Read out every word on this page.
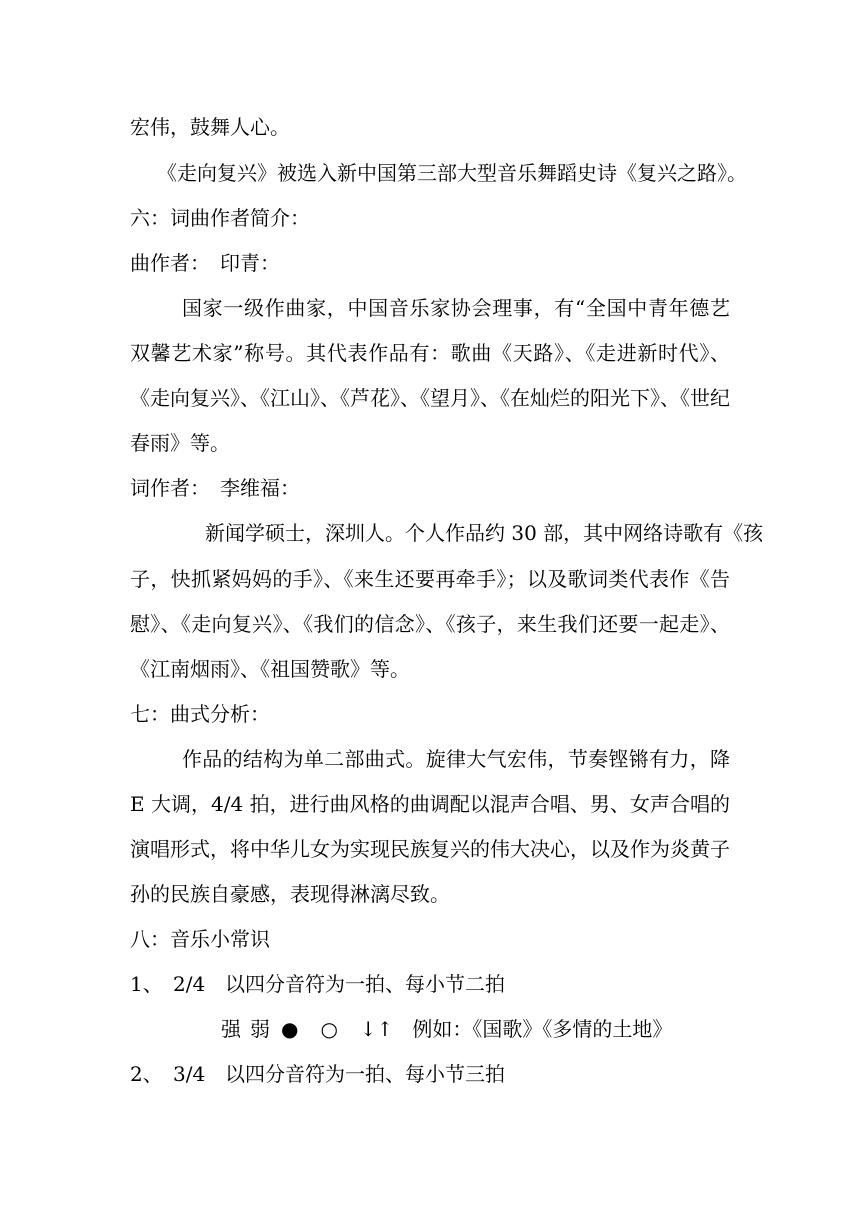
宏伟，鼓舞人心。
《走向复兴》被选入新中国第三部大型音乐舞蹈史诗《复兴之路》。
六：词曲作者简介：
曲作者：　印青：
国家一级作曲家，中国音乐家协会理事，有“全国中青年德艺
双馨艺术家”称号。其代表作品有：歌曲《天路》、《走进新时代》、
《走向复兴》、《江山》、《芦花》、《望月》、《在灿烂的阳光下》、《世纪
春雨》等。
词作者：　李维福：
新闻学硕士，深圳人。个人作品约 30 部，其中网络诗歌有《孩
子，快抓紧妈妈的手》、《来生还要再牵手》；以及歌词类代表作《告
慰》、《走向复兴》、《我们的信念》、《孩子，来生我们还要一起走》、
《江南烟雨》、《祖国赞歌》等。
七：曲式分析：
作品的结构为单二部曲式。旋律大气宏伟，节奏铿锵有力，降
E 大调，4/4 拍，进行曲风格的曲调配以混声合唱、男、女声合唱的
演唱形式，将中华儿女为实现民族复兴的伟大决心，以及作为炎黄子
孙的民族自豪感，表现得淋漓尽致。
八：音乐小常识
1、 2/4 以四分音符为一拍、每小节二拍
强 弱 ● ○ ↓↑ 例如：《国歌》《多情的土地》
2、 3/4 以四分音符为一拍、每小节三拍
